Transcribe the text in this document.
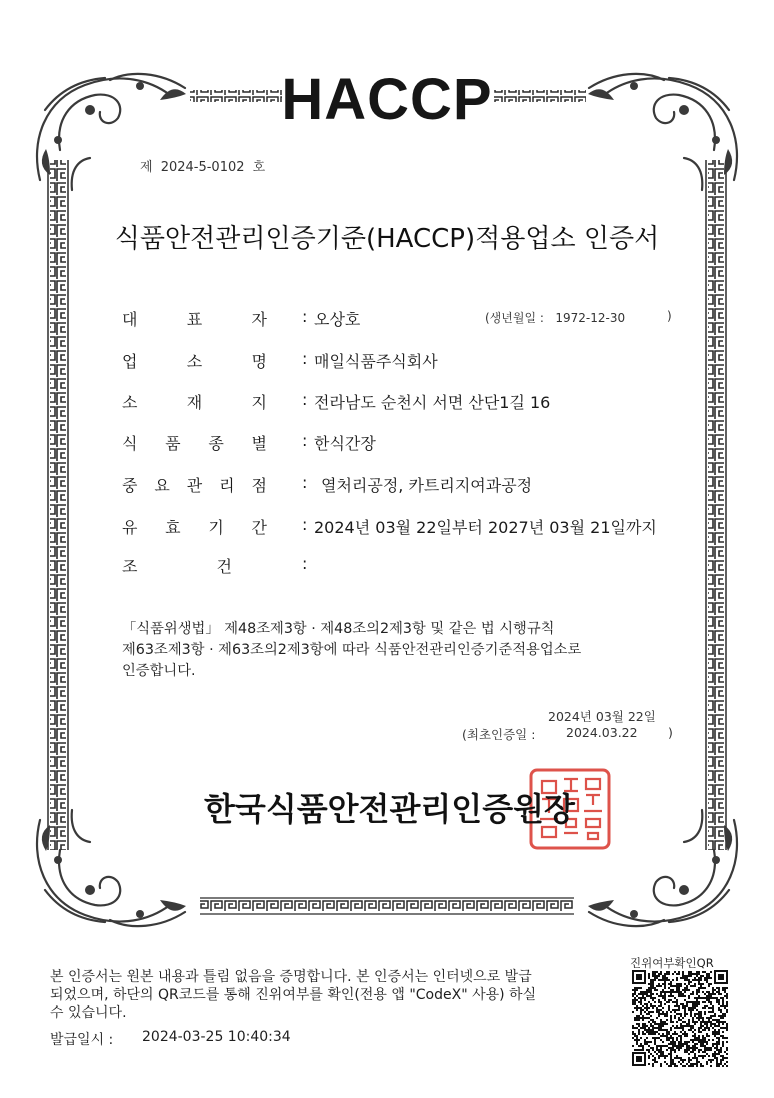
HACCP
제 2024-5-0102 호
식품안전관리인증기준(HACCP)적용업소 인증서
대	표	자 : 오상호	(생년월일 : 1972-12-30	)
업	소	명 : 매일식품주식회사
소	재	지 : 전라남도 순천시 서면 산단1길 16
식 품 종 별 : 한식간장
중 요 관 리 점 : 열처리공정, 카트리지여과공정
유 효 기 간 : 2024년 03월 22일부터 2027년 03월 21일까지
조	건	:
「식품위생법」 제48조제3항 · 제48조의2제3항 및 같은 법 시행규칙
제63조제3항 · 제63조의2제3항에 따라 식품안전관리인증기준적용업소로
인증합니다.
2024년 03월 22일
(최초인증일 : 2024.03.22 )
한국식품안전관리인증원장
본 인증서는 원본 내용과 틀림 없음을 증명합니다. 본 인증서는 인터넷으로 발급
되었으며, 하단의 QR코드를 통해 진위여부를 확인(전용 앱 "CodeX" 사용) 하실
수 있습니다.
발급일시 : 2024-03-25 10:40:34
진위여부확인QR
